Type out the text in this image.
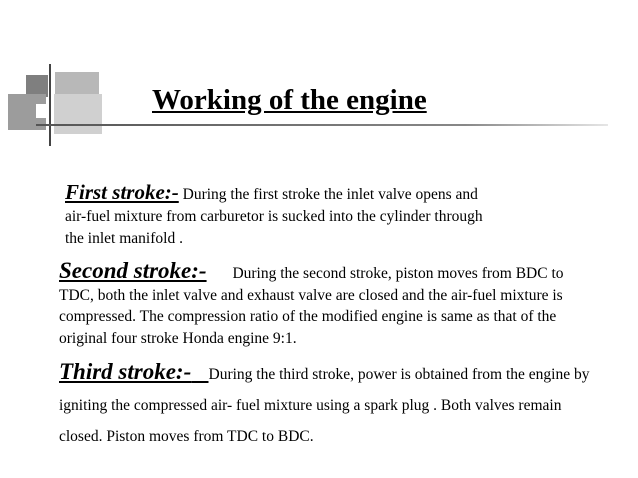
Working of the engine
First stroke:- During the first stroke the inlet valve opens and
air-fuel mixture from carburetor is sucked into the cylinder through
the inlet manifold .
Second stroke:- During the second stroke, piston moves from BDC to
TDC, both the inlet valve and exhaust valve are closed and the air-fuel mixture is
compressed. The compression ratio of the modified engine is same as that of the
original four stroke Honda engine 9:1.
Third stroke:- During the third stroke, power is obtained from the engine by
igniting the compressed air- fuel mixture using a spark plug . Both valves remain
closed. Piston moves from TDC to BDC.
